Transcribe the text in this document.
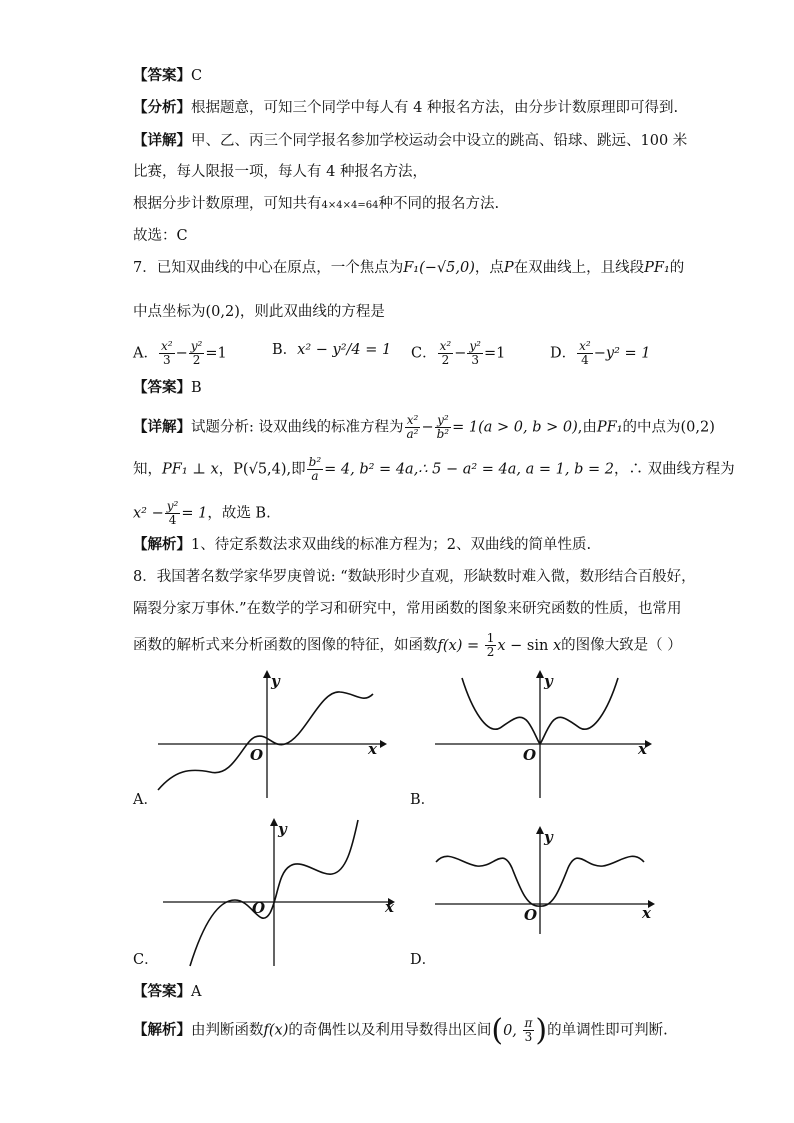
【答案】C
【分析】根据题意，可知三个同学中每人有 4 种报名方法，由分步计数原理即可得到.
【详解】甲、乙、丙三个同学报名参加学校运动会中设立的跳高、铅球、跳远、100 米
比赛，每人限报一项，每人有 4 种报名方法，
根据分步计数原理，可知共有4×4×4=64种不同的报名方法.
故选：C
7．已知双曲线的中心在原点，一个焦点为F₁(−√5,0)，点P在双曲线上，且线段PF₁的
中点坐标为(0,2)，则此双曲线的方程是
A． $\frac{\text{x²}}{3} - \frac{\text{y²}}{2} =1$	B．x² − y²/4 = 1 C． $\frac{\text{x²}}{2} - \frac{\text{y²}}{3} =1$	D． $\frac{\text{x²}}{4} -y^2 = 1$
【答案】B
【详解】试题分析: 设双曲线的标准方程为 $\frac{\text{x²}}{\text{a²}} - \frac{\text{y²}}{\text{b²}} = 1(a > 0$, b > 0),由PF₁的中点为(0,2)
知，PF₁ ⊥ x，P(√5,4),即 $\frac{\text{b²}}{a} = 4$, b² = 4a,∴ 5 − a² = 4a, a = 1, b = 2，∴ 双曲线方程为
$x^2 - \frac{\text{y²}}{4} = 1$，故选 B.
【解析】1、待定系数法求双曲线的标准方程为；2、双曲线的简单性质.
8．我国著名数学家华罗庚曾说: “数缺形时少直观，形缺数时难入微，数形结合百般好，
隔裂分家万事休.”在数学的学习和研究中，常用函数的图象来研究函数的性质，也常用
函数的解析式来分析函数的图像的特征，如函数$f(x) = \frac{1}{2}$ x − sin x的图像大致是（ ）
x
y
O
A．
x
y
O
B．
x
y
O
C．
x
y
O
D．
【答案】A
【解析】由判断函数f(x)的奇偶性以及利用导数得出区间(0, $\frac{\pi}{3}$ )的单调性即可判断.
